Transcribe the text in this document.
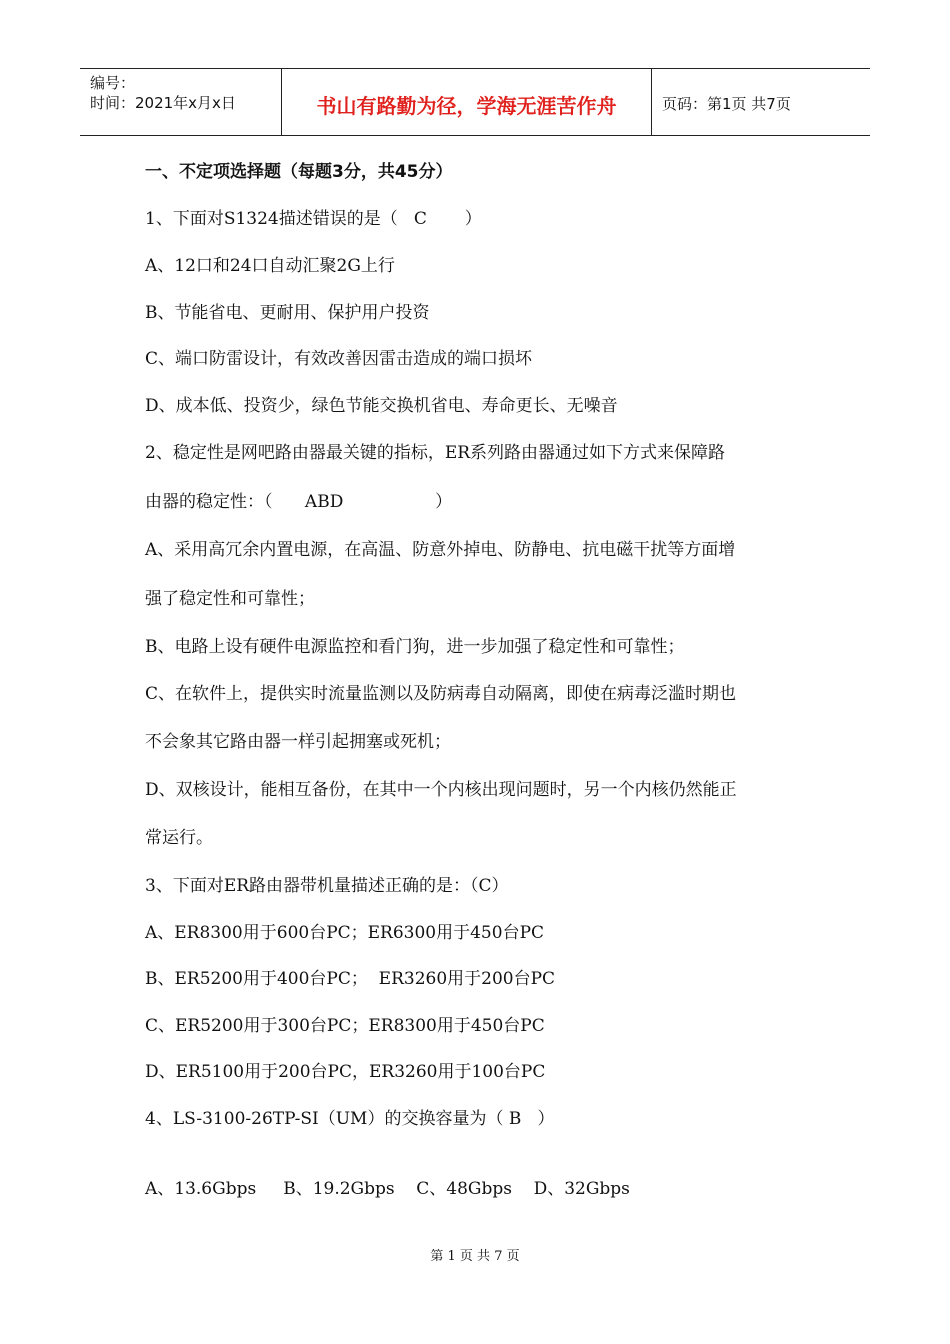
编号：
时间：2021年x月x日	书山有路勤为径，学海无涯苦作舟	页码：第1页 共7页
一、不定项选择题（每题3分，共45分）
1、下面对S1324描述错误的是（   C       ）
A、12口和24口自动汇聚2G上行
B、节能省电、更耐用、保护用户投资
C、端口防雷设计，有效改善因雷击造成的端口损坏
D、成本低、投资少，绿色节能交换机省电、寿命更长、无噪音
2、稳定性是网吧路由器最关键的指标，ER系列路由器通过如下方式来保障路
由器的稳定性：（      ABD                 ）
A、采用高冗余内置电源，在高温、防意外掉电、防静电、抗电磁干扰等方面增
强了稳定性和可靠性；
B、电路上设有硬件电源监控和看门狗，进一步加强了稳定性和可靠性；
C、在软件上，提供实时流量监测以及防病毒自动隔离，即使在病毒泛滥时期也
不会象其它路由器一样引起拥塞或死机；
D、双核设计，能相互备份，在其中一个内核出现问题时，另一个内核仍然能正
常运行。
3、下面对ER路由器带机量描述正确的是：（C）
A、ER8300用于600台PC；ER6300用于450台PC
B、ER5200用于400台PC；  ER3260用于200台PC
C、ER5200用于300台PC；ER8300用于450台PC
D、ER5100用于200台PC，ER3260用于100台PC
4、LS-3100-26TP-SI（UM）的交换容量为（ B   ）
A、13.6Gbps     B、19.2Gbps    C、48Gbps    D、32Gbps
第 1 页 共 7 页
